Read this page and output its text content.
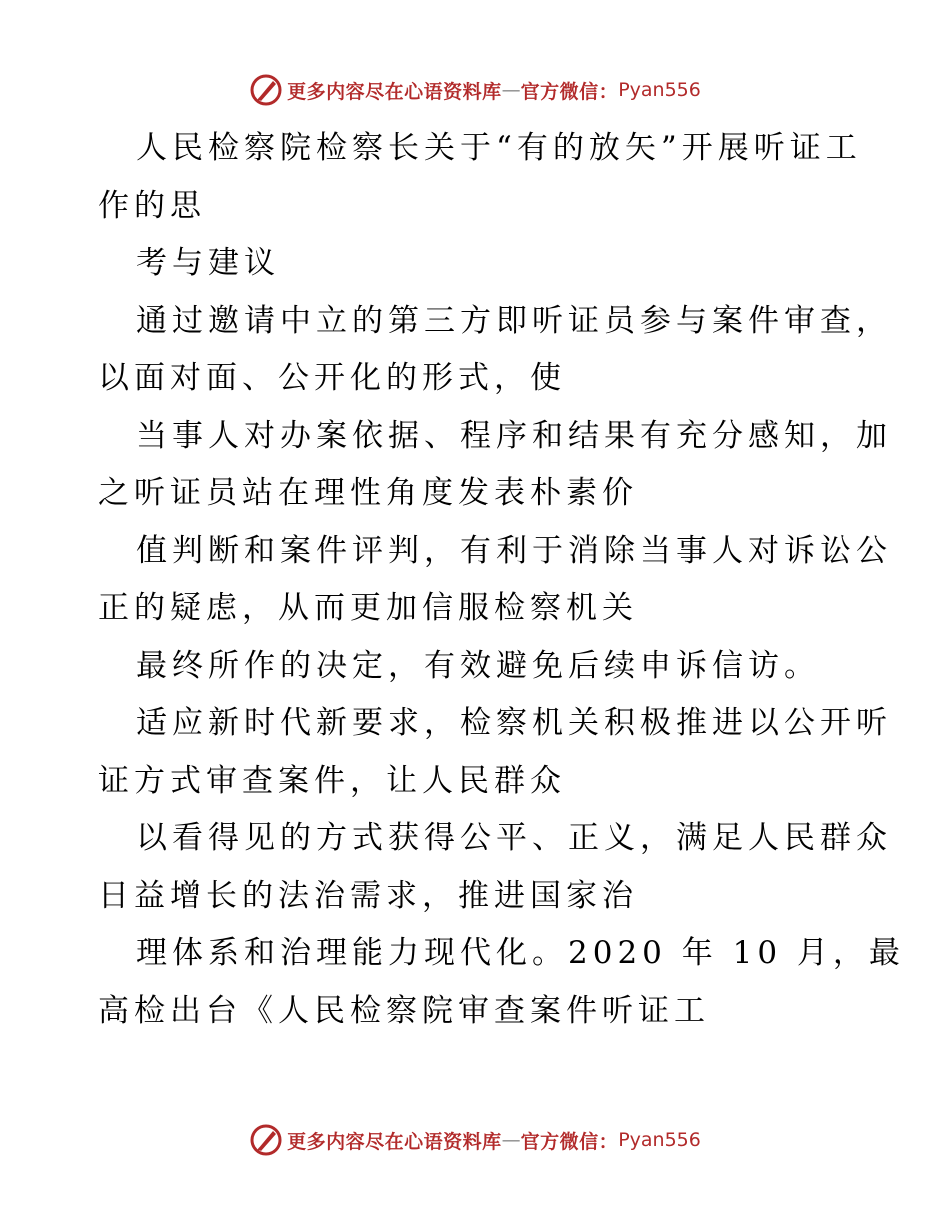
更多内容尽在心语资料库 — 官方微信： Pyan556
人民检察院检察长关于“有的放矢”开展听证工
作的思
考与建议
通过邀请中立的第三方即听证员参与案件审查，
以面对面、公开化的形式，使
当事人对办案依据、程序和结果有充分感知，加
之听证员站在理性角度发表朴素价
值判断和案件评判，有利于消除当事人对诉讼公
正的疑虑，从而更加信服检察机关
最终所作的决定，有效避免后续申诉信访。
适应新时代新要求，检察机关积极推进以公开听
证方式审查案件，让人民群众
以看得见的方式获得公平、正义，满足人民群众
日益增长的法治需求，推进国家治
理体系和治理能力现代化。2020 年 10 月，最
高检出台《人民检察院审查案件听证工
更多内容尽在心语资料库 — 官方微信： Pyan556
